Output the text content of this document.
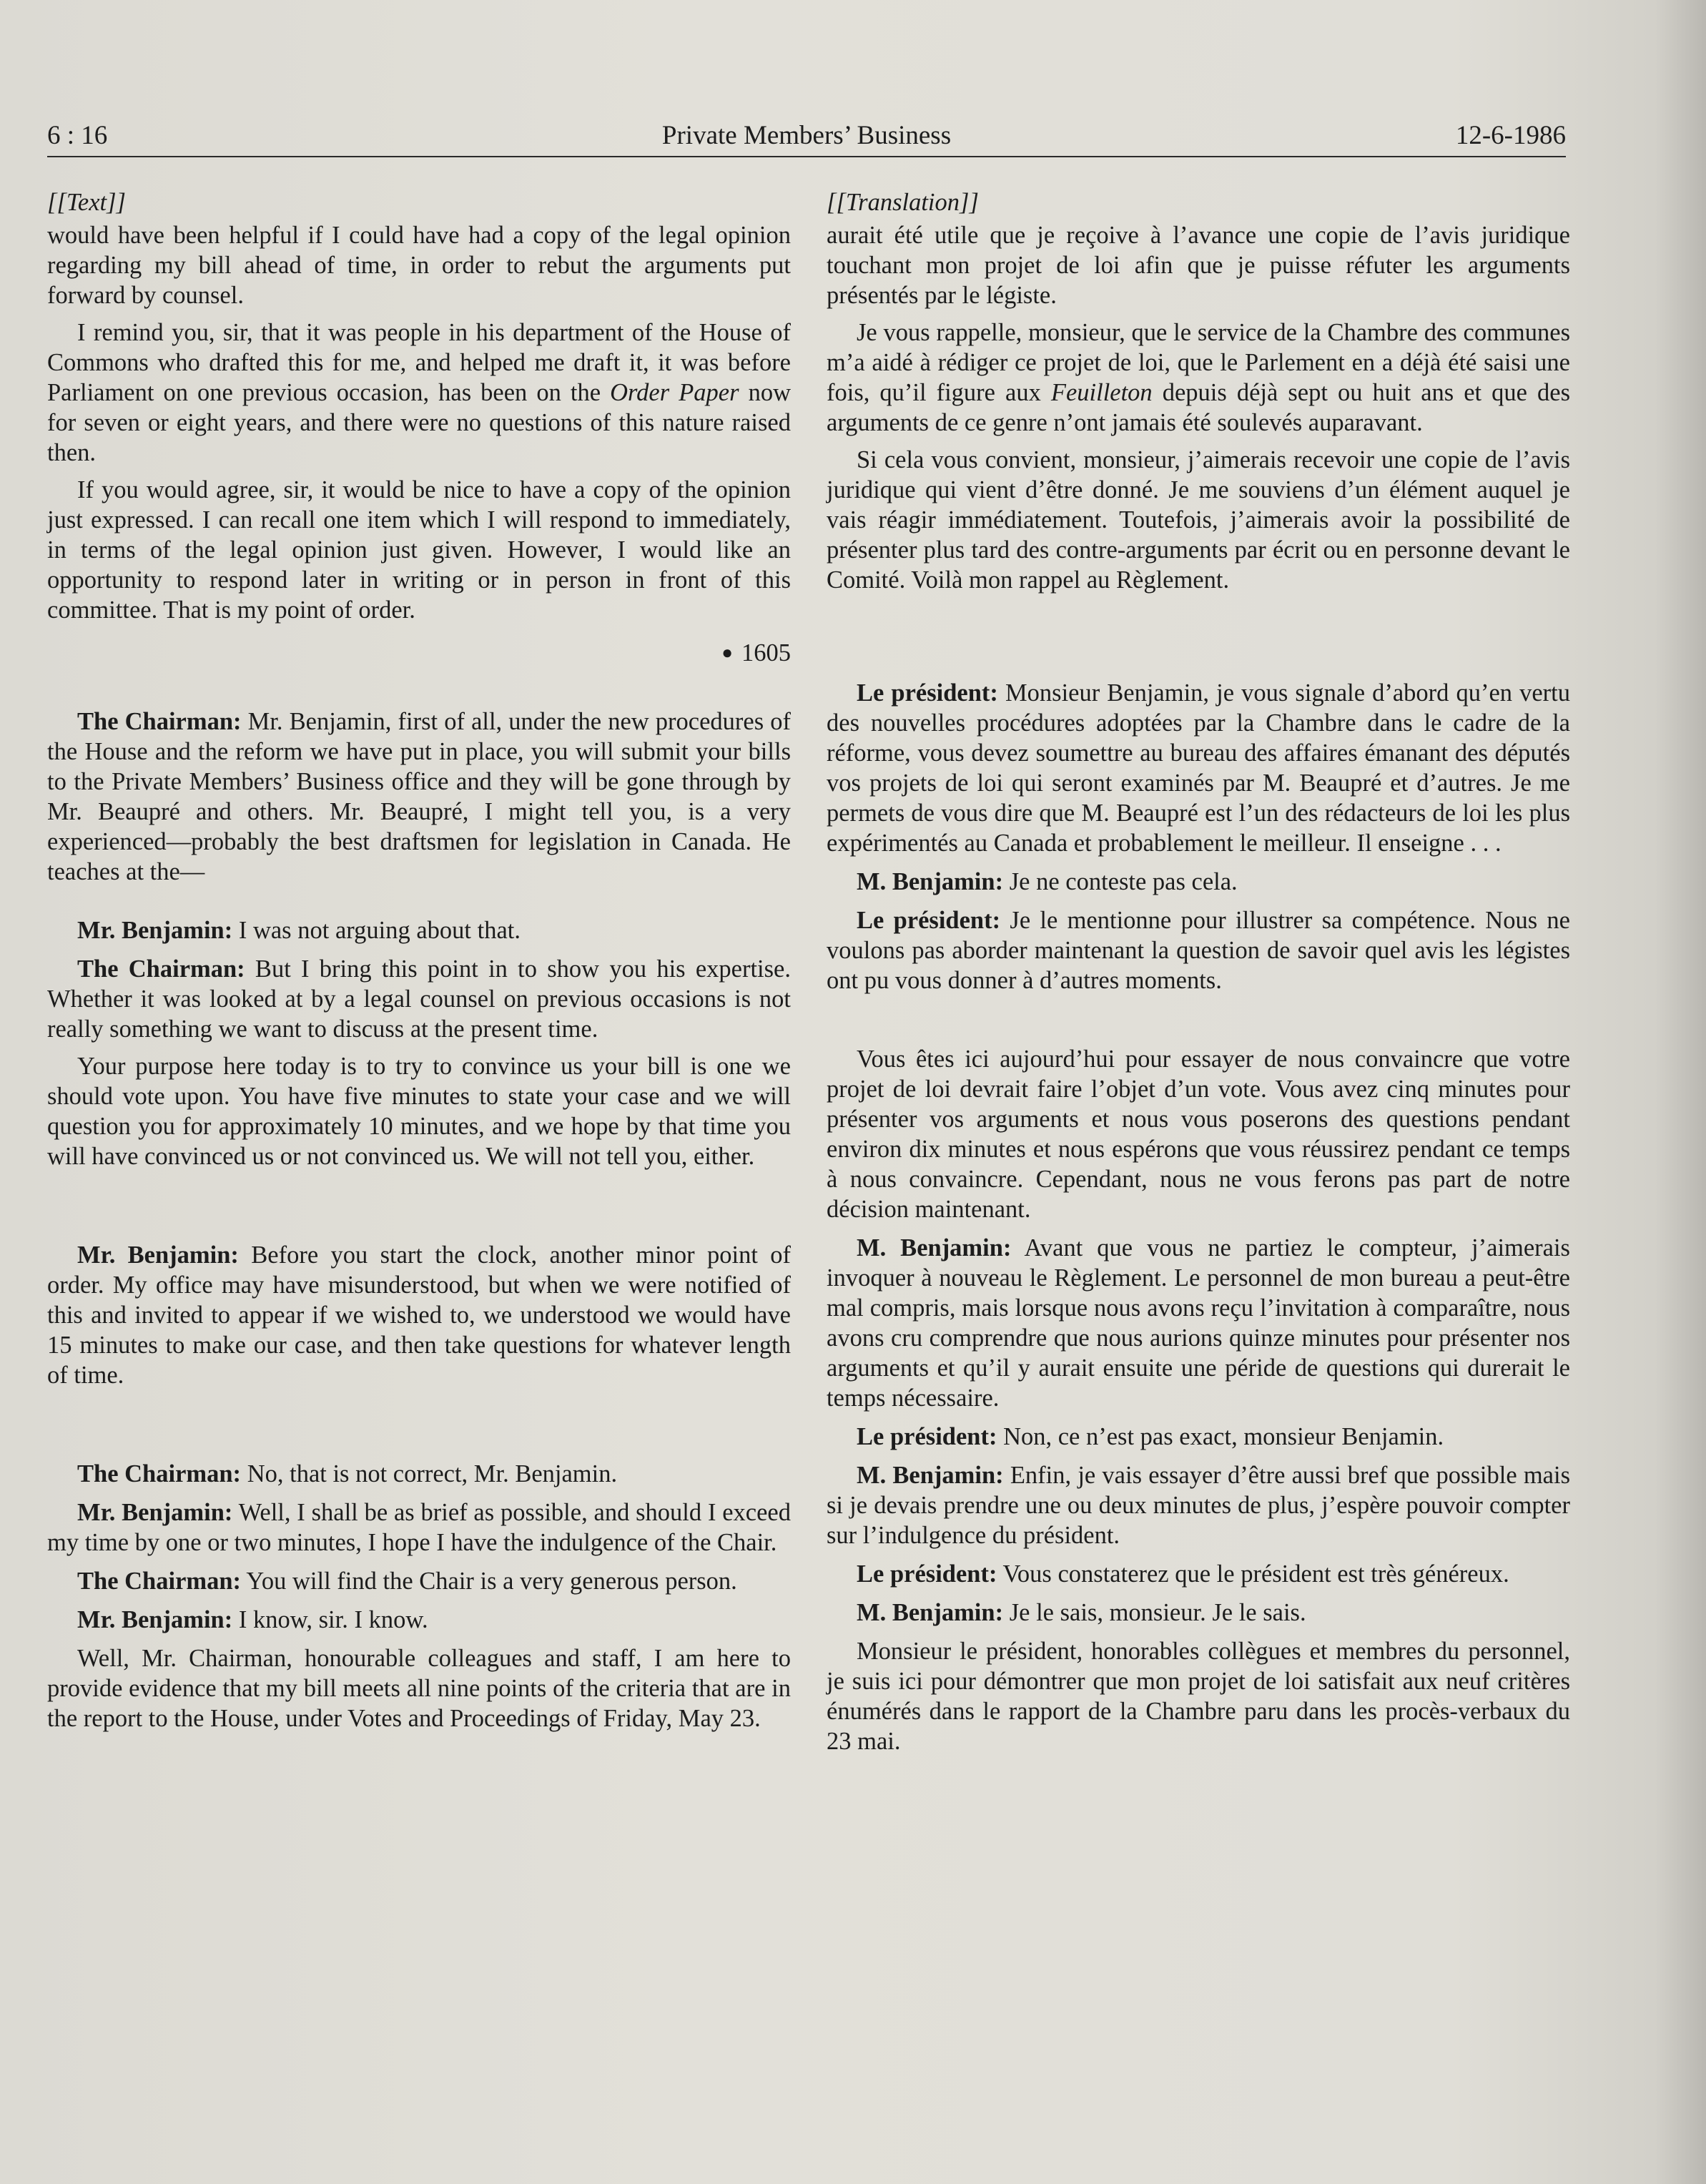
6 : 16	Private Members’ Business	12-6-1986

[[Text]]

would have been helpful if I could have had a copy of the legal opinion regarding my bill ahead of time, in order to rebut the arguments put forward by counsel.

I remind you, sir, that it was people in his department of the House of Commons who drafted this for me, and helped me draft it, it was before Parliament on one previous occasion, has been on the Order Paper now for seven or eight years, and there were no questions of this nature raised then.

If you would agree, sir, it would be nice to have a copy of the opinion just expressed. I can recall one item which I will respond to immediately, in terms of the legal opinion just given. However, I would like an opportunity to respond later in writing or in person in front of this committee. That is my point of order.

● 1605

The Chairman: Mr. Benjamin, first of all, under the new procedures of the House and the reform we have put in place, you will submit your bills to the Private Members’ Business office and they will be gone through by Mr. Beaupré and others. Mr. Beaupré, I might tell you, is a very experienced—probably the best draftsmen for legislation in Canada. He teaches at the—

Mr. Benjamin: I was not arguing about that.

The Chairman: But I bring this point in to show you his expertise. Whether it was looked at by a legal counsel on previous occasions is not really something we want to discuss at the present time.

Your purpose here today is to try to convince us your bill is one we should vote upon. You have five minutes to state your case and we will question you for approximately 10 minutes, and we hope by that time you will have convinced us or not convinced us. We will not tell you, either.

Mr. Benjamin: Before you start the clock, another minor point of order. My office may have misunderstood, but when we were notified of this and invited to appear if we wished to, we understood we would have 15 minutes to make our case, and then take questions for whatever length of time.

The Chairman: No, that is not correct, Mr. Benjamin.

Mr. Benjamin: Well, I shall be as brief as possible, and should I exceed my time by one or two minutes, I hope I have the indulgence of the Chair.

The Chairman: You will find the Chair is a very generous person.

Mr. Benjamin: I know, sir. I know.

Well, Mr. Chairman, honourable colleagues and staff, I am here to provide evidence that my bill meets all nine points of the criteria that are in the report to the House, under Votes and Proceedings of Friday, May 23.

[[Translation]]

aurait été utile que je reçoive à l’avance une copie de l’avis juridique touchant mon projet de loi afin que je puisse réfuter les arguments présentés par le légiste.

Je vous rappelle, monsieur, que le service de la Chambre des communes m’a aidé à rédiger ce projet de loi, que le Parlement en a déjà été saisi une fois, qu’il figure aux Feuilleton depuis déjà sept ou huit ans et que des arguments de ce genre n’ont jamais été soulevés auparavant.

Si cela vous convient, monsieur, j’aimerais recevoir une copie de l’avis juridique qui vient d’être donné. Je me souviens d’un élément auquel je vais réagir immédiatement. Toutefois, j’aimerais avoir la possibilité de présenter plus tard des contre-arguments par écrit ou en personne devant le Comité. Voilà mon rappel au Règlement.

Le président: Monsieur Benjamin, je vous signale d’abord qu’en vertu des nouvelles procédures adoptées par la Chambre dans le cadre de la réforme, vous devez soumettre au bureau des affaires émanant des députés vos projets de loi qui seront examinés par M. Beaupré et d’autres. Je me permets de vous dire que M. Beaupré est l’un des rédacteurs de loi les plus expérimentés au Canada et probablement le meilleur. Il enseigne . . .

M. Benjamin: Je ne conteste pas cela.

Le président: Je le mentionne pour illustrer sa compétence. Nous ne voulons pas aborder maintenant la question de savoir quel avis les légistes ont pu vous donner à d’autres moments.

Vous êtes ici aujourd’hui pour essayer de nous convaincre que votre projet de loi devrait faire l’objet d’un vote. Vous avez cinq minutes pour présenter vos arguments et nous vous poserons des questions pendant environ dix minutes et nous espérons que vous réussirez pendant ce temps à nous convaincre. Cependant, nous ne vous ferons pas part de notre décision maintenant.

M. Benjamin: Avant que vous ne partiez le compteur, j’aimerais invoquer à nouveau le Règlement. Le personnel de mon bureau a peut-être mal compris, mais lorsque nous avons reçu l’invitation à comparaître, nous avons cru comprendre que nous aurions quinze minutes pour présenter nos arguments et qu’il y aurait ensuite une péride de questions qui durerait le temps nécessaire.

Le président: Non, ce n’est pas exact, monsieur Benjamin.

M. Benjamin: Enfin, je vais essayer d’être aussi bref que possible mais si je devais prendre une ou deux minutes de plus, j’espère pouvoir compter sur l’indulgence du président.

Le président: Vous constaterez que le président est très généreux.

M. Benjamin: Je le sais, monsieur. Je le sais.

Monsieur le président, honorables collègues et membres du personnel, je suis ici pour démontrer que mon projet de loi satisfait aux neuf critères énumérés dans le rapport de la Chambre paru dans les procès-verbaux du 23 mai.
